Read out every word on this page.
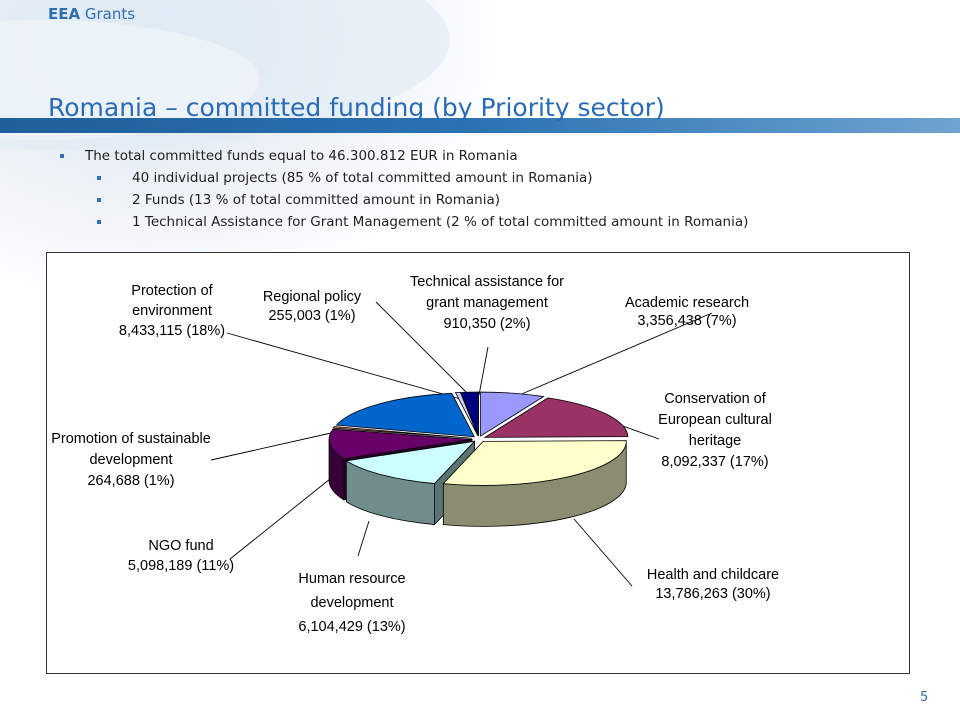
EEA Grants
Romania – committed funding (by Priority sector)
The total committed funds equal to 46.300.812 EUR in Romania
40 individual projects (85 % of total committed amount in Romania)
2 Funds (13 % of total committed amount in Romania)
1 Technical Assistance for Grant Management (2 % of total committed amount in Romania)
Academic research 3,356,438 (7%)
Conservation of European cultural heritage 8,092,337 (17%)
Health and childcare 13,786,263 (30%)
Human resource development 6,104,429 (13%)
NGO fund 5,098,189 (11%)
Promotion of sustainable development 264,688 (1%)
Protection of environment 8,433,115 (18%)
Regional policy 255,003 (1%)
Technical assistance for grant management 910,350 (2%)
5
